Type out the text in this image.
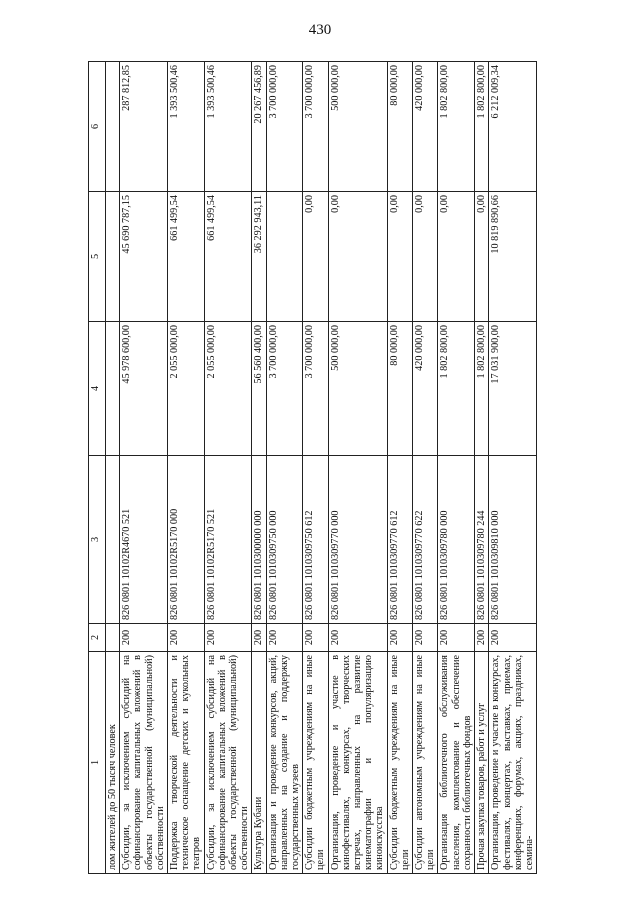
430
1	2	3	4	5	6
лом жителей до 50 тысяч человек					
Субсидии, за исключением субсидий на софинансирование капитальных вложений в объекты государственной (муниципальной) собственности	200	826 0801 10102R4670 521	45 978 600,00	45 690 787,15	287 812,85
Поддержка творческой деятельности и техническое оснащение детских и кукольных театров	200	826 0801 10102R5170 000	2 055 000,00	661 499,54	1 393 500,46
Субсидии, за исключением субсидий на софинансирование капитальных вложений в объекты государственной (муниципальной) собственности	200	826 0801 10102R5170 521	2 055 000,00	661 499,54	1 393 500,46
Культура Кубани	200	826 0801 1010300000 000	56 560 400,00	36 292 943,11	20 267 456,89
Организация и проведение конкурсов, акций, направленных на создание и поддержку государственных музеев	200	826 0801 1010309750 000	3 700 000,00		3 700 000,00
Субсидии бюджетным учреждениям на иные цели	200	826 0801 1010309750 612	3 700 000,00	0,00	3 700 000,00
Организация, проведение и участие в кинофестивалях, конкурсах, творческих встречах, направленных на развитие кинематографии и популяризацию киноискусства	200	826 0801 1010309770 000	500 000,00	0,00	500 000,00
Субсидии бюджетным учреждениям на иные цели	200	826 0801 1010309770 612	80 000,00	0,00	80 000,00
Субсидии автономным учреждениям на иные цели	200	826 0801 1010309770 622	420 000,00	0,00	420 000,00
Организация библиотечного обслуживания населения, комплектование и обеспечение сохранности библиотечных фондов	200	826 0801 1010309780 000	1 802 800,00	0,00	1 802 800,00
Прочая закупка товаров, работ и услуг	200	826 0801 1010309780 244	1 802 800,00	0,00	1 802 800,00
Организация, проведение и участие в конкурсах, фестивалях, концертах, выставках, приемах, конференциях, форумах, акциях, праздниках, семина-	200	826 0801 1010309810 000	17 031 900,00	10 819 890,66	6 212 009,34
